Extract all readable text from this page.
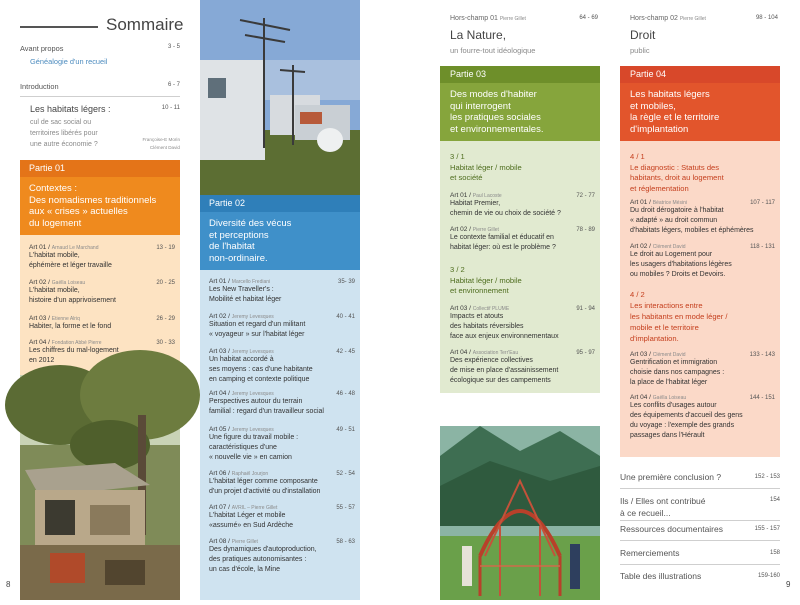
Sommaire
Avant propos	3 - 5
Généalogie d'un recueil
Introduction	6 - 7
Les habitats légers :	10 - 11
cul de sac social ou
territoires libérés pour
une autre économie ?
Françoise-E Morin
Clément David
Partie 01
Contextes :
Des nomadismes traditionnels
aux « crises » actuelles
du logement
Art 01 / Arnaud Le Marchand	13 - 19
L'habitat mobile,
éphémère et léger travaille
Art 02 / Gaëlla Loiseau	20 - 25
L'habitat mobile,
histoire d'un apprivoisement
Art 03 / Etienne Alriq	26 - 29
Habiter, la forme et le fond
Art 04 / Fondation Abbé Pierre	30 - 33
Les chiffres du mal-logement
en 2012
8
Partie 02
Diversité des vécus
et perceptions
de l'habitat
non-ordinaire.
Art 01 / Marcello Frediani	35- 39
Les New Traveller's :
Mobilité et habitat léger
Art 02 / Jeremy Levesques	40 - 41
Situation et regard d'un militant
« voyageur » sur l'habitat léger
Art 03 / Jeremy Levesques	42 - 45
Un habitat accordé à
ses moyens : cas d'une habitante
en camping et contexte politique
Art 04 / Jeremy Levesques	46 - 48
Perspectives autour du terrain
familial : regard d'un travailleur social
Art 05 / Jeremy Levesques	49 - 51
Une figure du travail mobile :
caractéristiques d'une
« nouvelle vie » en camion
Art 06 / Raphaël Jourjon	52 - 54
L'habitat léger comme composante
d'un projet d'activité ou d'installation
Art 07 / AVRIL – Pierre Gillet	55 - 57
L'habitat Léger et mobile
«assumé» en Sud Ardèche
Art 08 / Pierre Gillet	58 - 63
Des dynamiques d'autoproduction,
des pratiques autonomisantes :
un cas d'école, la Mine
Hors-champ 01 Pierre Gillet	64 - 69
La Nature,
un fourre-tout idéologique
Partie 03
Des modes d'habiter
qui interrogent
les pratiques sociales
et environnementales.
3 / 1
Habitat léger / mobile
et société
Art 01 / Paul Lacoste	72 - 77
Habitat Premier,
chemin de vie ou choix de société ?
Art 02 / Pierre Gillet	78 - 89
Le contexte familial et éducatif en
habitat léger: où est le problème ?
3 / 2
Habitat léger / mobile
et environnement
Art 03 / Collectif PLUME	91 - 94
Impacts et atouts
des habitats réversibles
face aux enjeux environnementaux
Art 04 / Association Terr'Eau	95 - 97
Des expérience collectives
de mise en place d'assainissement
écologique sur des campements
Hors-champ 02 Pierre Gillet	98 - 104
Droit
public
Partie 04
Les habitats légers
et mobiles,
la règle et le territoire
d'implantation
4 / 1
Le diagnostic : Statuts des
habitants, droit au logement
et réglementation
Art 01 / Béatrice Mésini	107 - 117
Du droit dérogatoire à l'habitat
« adapté » au droit commun
d'habitats légers, mobiles et éphémères
Art 02 / Clément David	118 - 131
Le droit au Logement pour
les usagers d'habitations légères
ou mobiles ? Droits et Devoirs.
4 / 2
Les interactions entre
les habitants en mode léger /
mobile et le territoire
d'implantation.
Art 03 / Clément David	133 - 143
Gentrification et immigration
choisie dans nos campagnes :
la place de l'habitat léger
Art 04 / Gaëlla Loiseau	144 - 151
Les conflits d'usages autour
des équipements d'accueil des gens
du voyage : l'exemple des grands
passages dans l'Hérault
Une première conclusion ?	152 - 153
Ils / Elles ont contribué
à ce recueil...
154
Ressources documentaires	155 - 157
Remerciements	158
Table des illustrations	159-160
9
